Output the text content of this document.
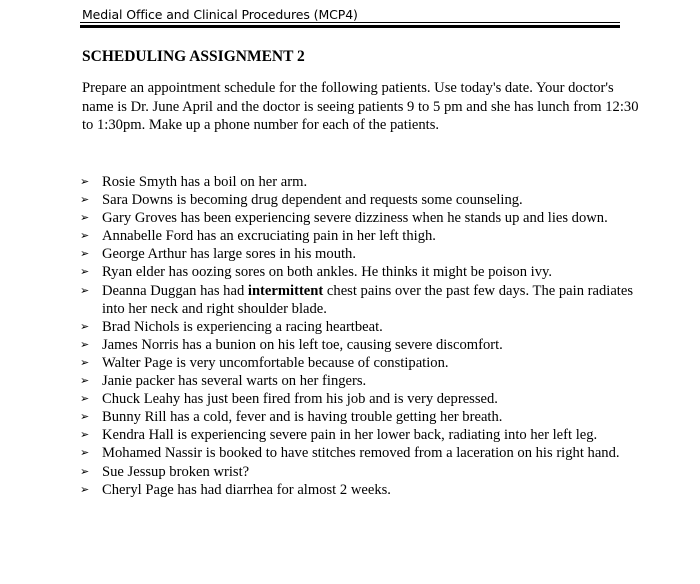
Medial Office and Clinical Procedures (MCP4)
SCHEDULING ASSIGNMENT 2
Prepare an appointment schedule for the following patients. Use today's date. Your doctor's
name is Dr. June April and the doctor is seeing patients 9 to 5 pm and she has lunch from 12:30
to 1:30pm. Make up a phone number for each of the patients.
➢ Rosie Smyth has a boil on her arm.
➢ Sara Downs is becoming drug dependent and requests some counseling.
➢ Gary Groves has been experiencing severe dizziness when he stands up and lies down.
➢ Annabelle Ford has an excruciating pain in her left thigh.
➢ George Arthur has large sores in his mouth.
➢ Ryan elder has oozing sores on both ankles. He thinks it might be poison ivy.
➢ Deanna Duggan has had intermittent chest pains over the past few days. The pain radiates
into her neck and right shoulder blade.
➢ Brad Nichols is experiencing a racing heartbeat.
➢ James Norris has a bunion on his left toe, causing severe discomfort.
➢ Walter Page is very uncomfortable because of constipation.
➢ Janie packer has several warts on her fingers.
➢ Chuck Leahy has just been fired from his job and is very depressed.
➢ Bunny Rill has a cold, fever and is having trouble getting her breath.
➢ Kendra Hall is experiencing severe pain in her lower back, radiating into her left leg.
➢ Mohamed Nassir is booked to have stitches removed from a laceration on his right hand.
➢ Sue Jessup broken wrist?
➢ Cheryl Page has had diarrhea for almost 2 weeks.
